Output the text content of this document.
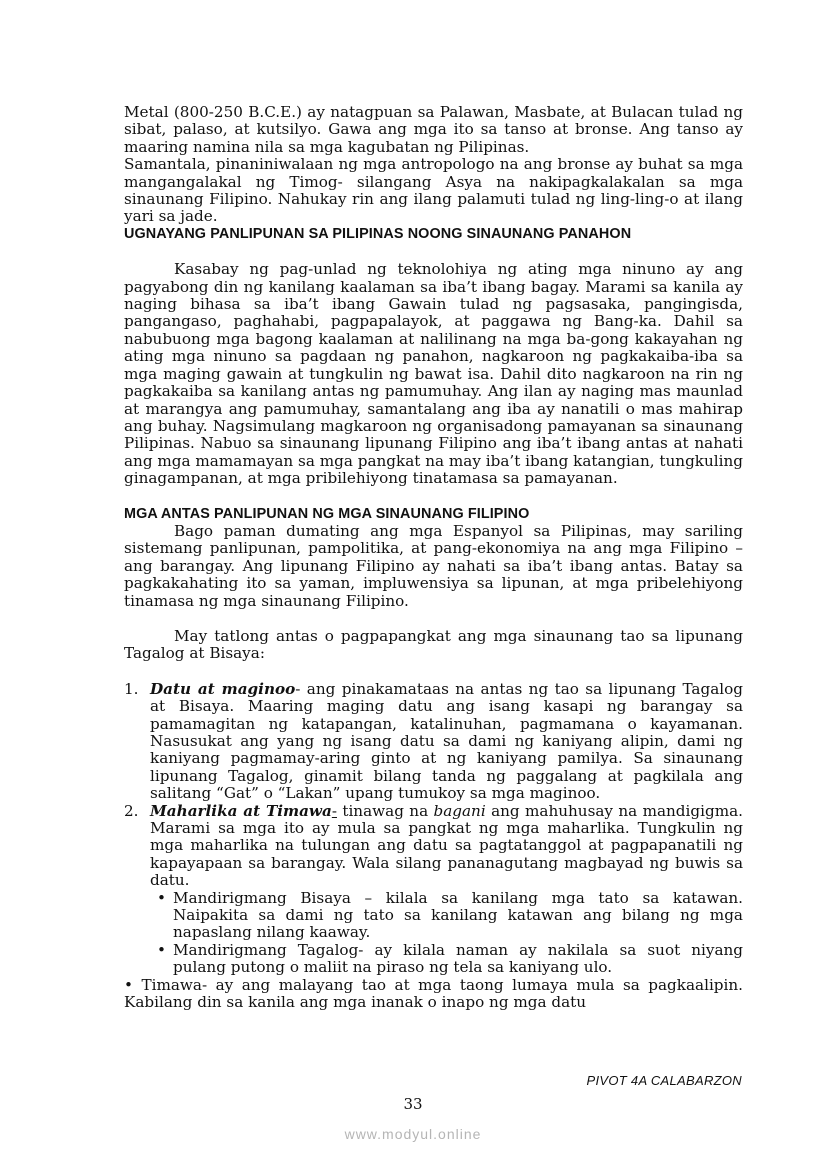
Metal (800-250 B.C.E.) ay natagpuan sa Palawan, Masbate, at Bulacan tulad ng sibat, palaso, at kutsilyo. Gawa ang mga ito sa tanso at bronse. Ang tanso ay maaring namina nila sa mga kagubatan ng Pilipinas.

Samantala, pinaniniwalaan ng mga antropologo na ang bronse ay buhat sa mga mangangalakal ng Timog- silangang Asya na nakipagkalakalan sa mga sinaunang Filipino. Nahukay rin ang ilang palamuti tulad ng ling-ling-o at ilang yari sa jade.

UGNAYANG PANLIPUNAN SA PILIPINAS NOONG SINAUNANG PANAHON

Kasabay ng pag-unlad ng teknolohiya ng ating mga ninuno ay ang pagyabong din ng kanilang kaalaman sa iba’t ibang bagay. Marami sa kanila ay naging bihasa sa iba’t ibang Gawain tulad ng pagsasaka, pangingisda, pangangaso, paghahabi, pagpapalayok, at paggawa ng Bang-ka. Dahil sa nabubuong mga bagong kaalaman at nalilinang na mga ba-gong kakayahan ng ating mga ninuno sa pagdaan ng panahon, nagkaroon ng pagkakaiba-iba sa mga maging gawain at tungkulin ng bawat isa. Dahil dito nagkaroon na rin ng pagkakaiba sa kanilang antas ng pamumuhay. Ang ilan ay naging mas maunlad at marangya ang pamumuhay, samantalang ang iba ay nanatili o mas mahirap ang buhay. Nagsimulang magkaroon ng organisadong pamayanan sa sinaunang Pilipinas. Nabuo sa sinaunang lipunang Filipino ang iba’t ibang antas at nahati ang mga mamamayan sa mga pangkat na may iba’t ibang katangian, tungkuling ginagampanan, at mga pribilehiyong tinatamasa sa pamayanan.

MGA ANTAS PANLIPUNAN NG MGA SINAUNANG FILIPINO

Bago paman dumating ang mga Espanyol sa Pilipinas, may sariling sistemang panlipunan, pampolitika, at pang-ekonomiya na ang mga Filipino – ang barangay. Ang lipunang Filipino ay nahati sa iba’t ibang antas. Batay sa pagkakahating ito sa yaman, impluwensiya sa lipunan, at mga pribelehiyong tinamasa ng mga sinaunang Filipino.

May tatlong antas o pagpapangkat ang mga sinaunang tao sa lipunang Tagalog at Bisaya:

1. Datu at maginoo- ang pinakamataas na antas ng tao sa lipunang Tagalog at Bisaya. Maaring maging datu ang isang kasapi ng barangay sa pamamagitan ng katapangan, katalinuhan, pagmamana o kayamanan. Nasusukat ang yang ng isang datu sa dami ng kaniyang alipin, dami ng kaniyang pagmamay-aring ginto at ng kaniyang pamilya. Sa sinaunang lipunang Tagalog, ginamit bilang tanda ng paggalang at pagkilala ang salitang “Gat” o “Lakan” upang tumukoy sa mga maginoo.
2. Maharlika at Timawa- tinawag na bagani ang mahuhusay na mandigigma. Marami sa mga ito ay mula sa pangkat ng mga maharlika. Tungkulin ng mga maharlika na tulungan ang datu sa pagtatanggol at pagpapanatili ng kapayapaan sa barangay. Wala silang pananagutang magbayad ng buwis sa datu.
• Mandirigmang Bisaya – kilala sa kanilang mga tato sa katawan. Naipakita sa dami ng tato sa kanilang katawan ang bilang ng mga napaslang nilang kaaway.
• Mandirigmang Tagalog- ay kilala naman ay nakilala sa suot niyang pulang putong o maliit na piraso ng tela sa kaniyang ulo.

• Timawa- ay ang malayang tao at mga taong lumaya mula sa pagkaalipin. Kabilang din sa kanila ang mga inanak o inapo ng mga datu

PIVOT 4A CALABARZON
33
www.modyul.online
